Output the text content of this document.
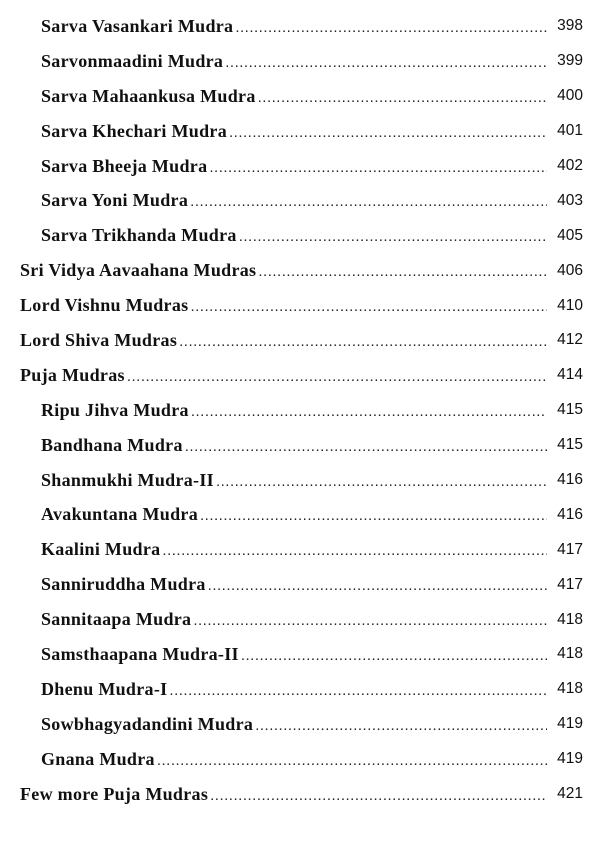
Sarva Vasankari Mudra .....	398
Sarvonmaadini Mudra .....	399
Sarva Mahaankusa Mudra .....	400
Sarva Khechari Mudra .....	401
Sarva Bheeja Mudra .....	402
Sarva Yoni Mudra .....	403
Sarva Trikhanda Mudra .....	405
Sri Vidya Aavaahana Mudras .....	406
Lord Vishnu Mudras .....	410
Lord Shiva Mudras .....	412
Puja Mudras .....	414
Ripu Jihva Mudra .....	415
Bandhana Mudra .....	415
Shanmukhi Mudra-II .....	416
Avakuntana Mudra .....	416
Kaalini Mudra .....	417
Sanniruddha Mudra .....	417
Sannitaapa Mudra .....	418
Samsthaapana Mudra-II .....	418
Dhenu Mudra-I .....	418
Sowbhagyadandini Mudra .....	419
Gnana Mudra .....	419
Few more Puja Mudras .....	421
